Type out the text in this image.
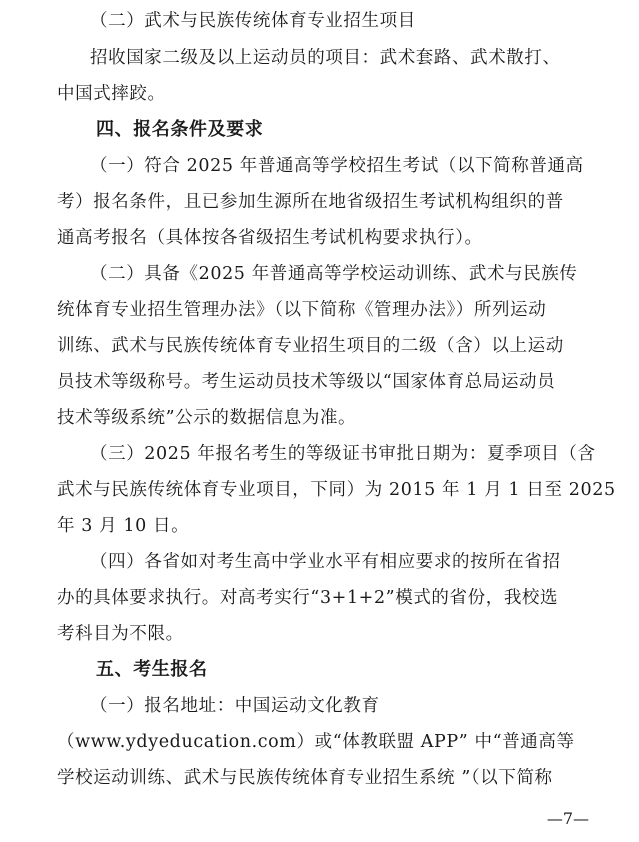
（二）武术与民族传统体育专业招生项目
招收国家二级及以上运动员的项目：武术套路、武术散打、
中国式摔跤。
四、报名条件及要求
（一）符合 2025 年普通高等学校招生考试（以下简称普通高
考）报名条件，且已参加生源所在地省级招生考试机构组织的普
通高考报名（具体按各省级招生考试机构要求执行）。
（二）具备《2025 年普通高等学校运动训练、武术与民族传
统体育专业招生管理办法》（以下简称《管理办法》）所列运动
训练、武术与民族传统体育专业招生项目的二级（含）以上运动
员技术等级称号。考生运动员技术等级以“国家体育总局运动员
技术等级系统”公示的数据信息为准。
（三）2025 年报名考生的等级证书审批日期为：夏季项目（含
武术与民族传统体育专业项目，下同）为 2015 年 1 月 1 日至 2025
年 3 月 10 日。
（四）各省如对考生高中学业水平有相应要求的按所在省招
办的具体要求执行。对高考实行“3+1+2”模式的省份，我校选
考科目为不限。
五、考生报名
（一）报名地址：中国运动文化教育
（www.ydyeducation.com）或“体教联盟 APP” 中“普通高等
学校运动训练、武术与民族传统体育专业招生系统 ”（以下简称
—7—
